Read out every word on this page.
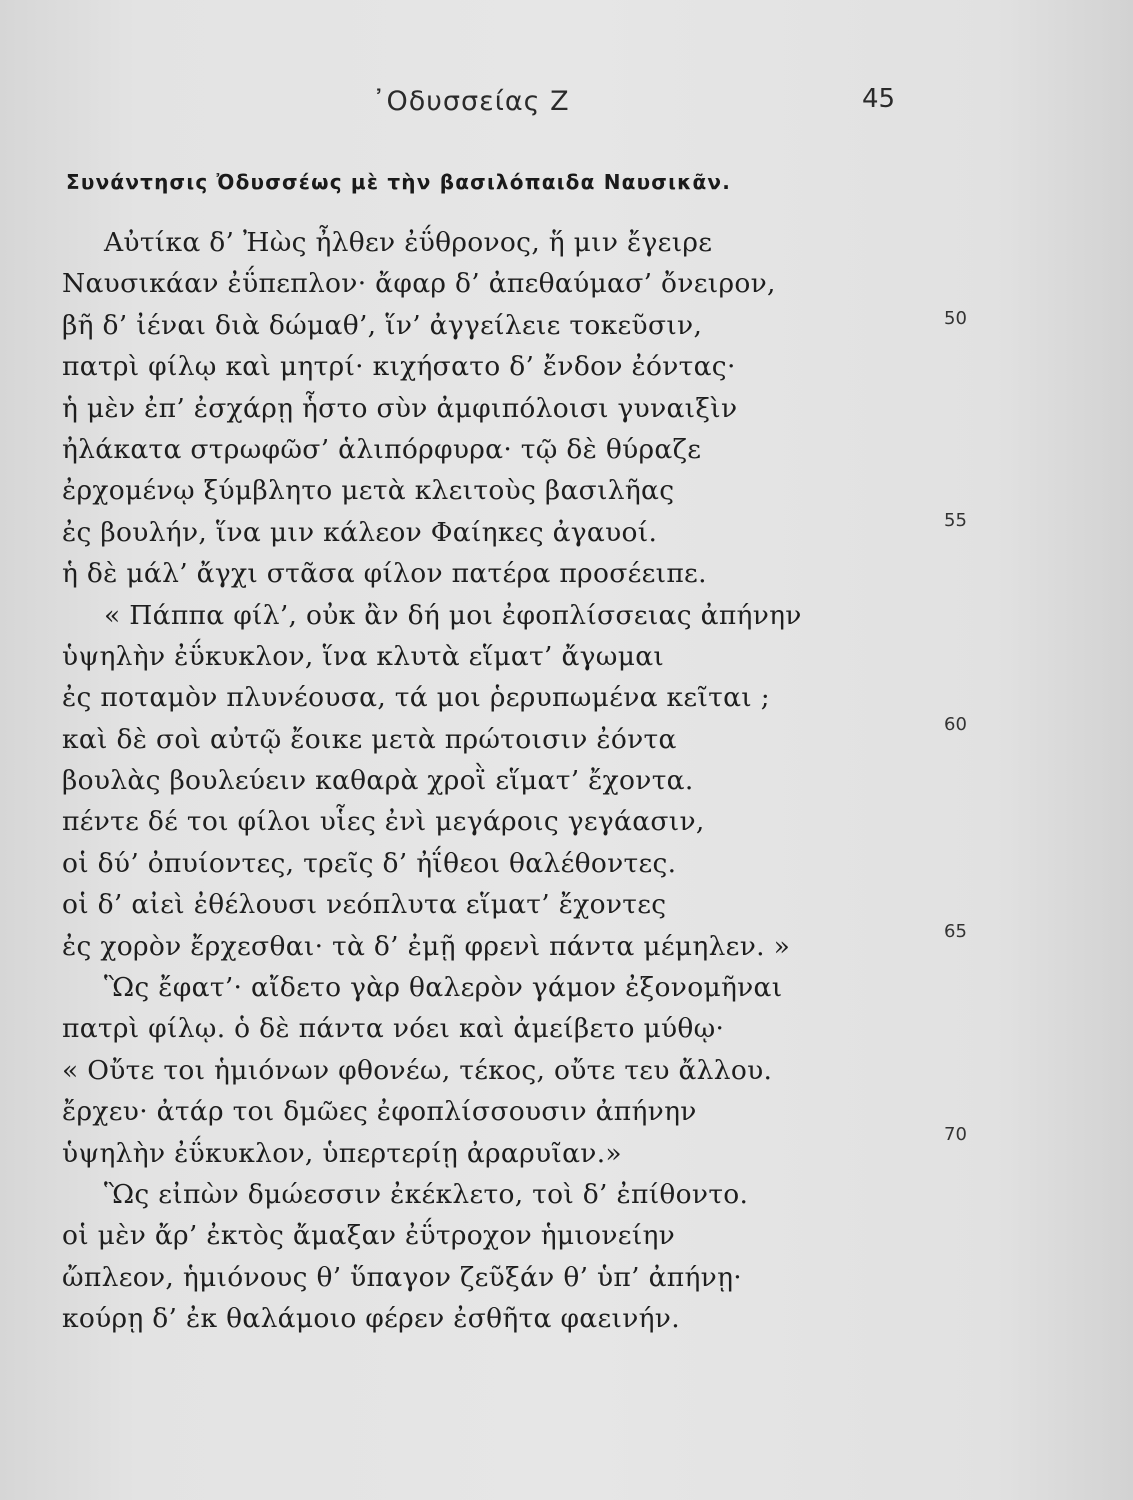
᾿Οδυσσείας Ζ	45
Συνάντησις Ὀδυσσέως μὲ τὴν βασιλόπαιδα Ναυσικᾶν.
Αὐτίκα δ’ Ἠὼς ἦλθεν ἐΰθρονος, ἥ μιν ἔγειρε
Ναυσικάαν ἐΰπεπλον· ἄφαρ δ’ ἀπεθαύμασ’ ὄνειρον,
βῆ δ’ ἰέναι διὰ δώμαθ’, ἵν’ ἀγγείλειε τοκεῦσιν,
πατρὶ φίλῳ καὶ μητρί· κιχήσατο δ’ ἔνδον ἐόντας·
ἡ μὲν ἐπ’ ἐσχάρῃ ἧστο σὺν ἀμφιπόλοισι γυναιξὶν
ἠλάκατα στρωφῶσ’ ἁλιπόρφυρα· τῷ δὲ θύραζε
ἐρχομένῳ ξύμβλητο μετὰ κλειτοὺς βασιλῆας
ἐς βουλήν, ἵνα μιν κάλεον Φαίηκες ἀγαυοί.
ἡ δὲ μάλ’ ἄγχι στᾶσα φίλον πατέρα προσέειπε.
« Πάππα φίλ’, οὐκ ἂν δή μοι ἐφοπλίσσειας ἀπήνην
ὑψηλὴν ἐΰκυκλον, ἵνα κλυτὰ εἵματ’ ἄγωμαι
ἐς ποταμὸν πλυνέουσα, τά μοι ῥερυπωμένα κεῖται ;
καὶ δὲ σοὶ αὐτῷ ἔοικε μετὰ πρώτοισιν ἐόντα
βουλὰς βουλεύειν καθαρὰ χροῒ εἵματ’ ἔχοντα.
πέντε δέ τοι φίλοι υἷες ἐνὶ μεγάροις γεγάασιν,
οἱ δύ’ ὀπυίοντες, τρεῖς δ’ ἠΐθεοι θαλέθοντες.
οἱ δ’ αἰεὶ ἐθέλουσι νεόπλυτα εἵματ’ ἔχοντες
ἐς χορὸν ἔρχεσθαι· τὰ δ’ ἐμῇ φρενὶ πάντα μέμηλεν. »
Ὣς ἔφατ’· αἴδετο γὰρ θαλερὸν γάμον ἐξονομῆναι
πατρὶ φίλῳ. ὁ δὲ πάντα νόει καὶ ἀμείβετο μύθῳ·
« Οὔτε τοι ἡμιόνων φθονέω, τέκος, οὔτε τευ ἄλλου.
ἔρχευ· ἀτάρ τοι δμῶες ἐφοπλίσσουσιν ἀπήνην
ὑψηλὴν ἐΰκυκλον, ὑπερτερίῃ ἀραρυῖαν.»
Ὣς εἰπὼν δμώεσσιν ἐκέκλετο, τοὶ δ’ ἐπίθοντο.
οἱ μὲν ἄρ’ ἐκτὸς ἄμαξαν ἐΰτροχον ἡμιονείην
ὤπλεον, ἡμιόνους θ’ ὕπαγον ζεῦξάν θ’ ὑπ’ ἀπήνῃ·
κούρῃ δ’ ἐκ θαλάμοιο φέρεν ἐσθῆτα φαεινήν.
50
55
60
65
70
